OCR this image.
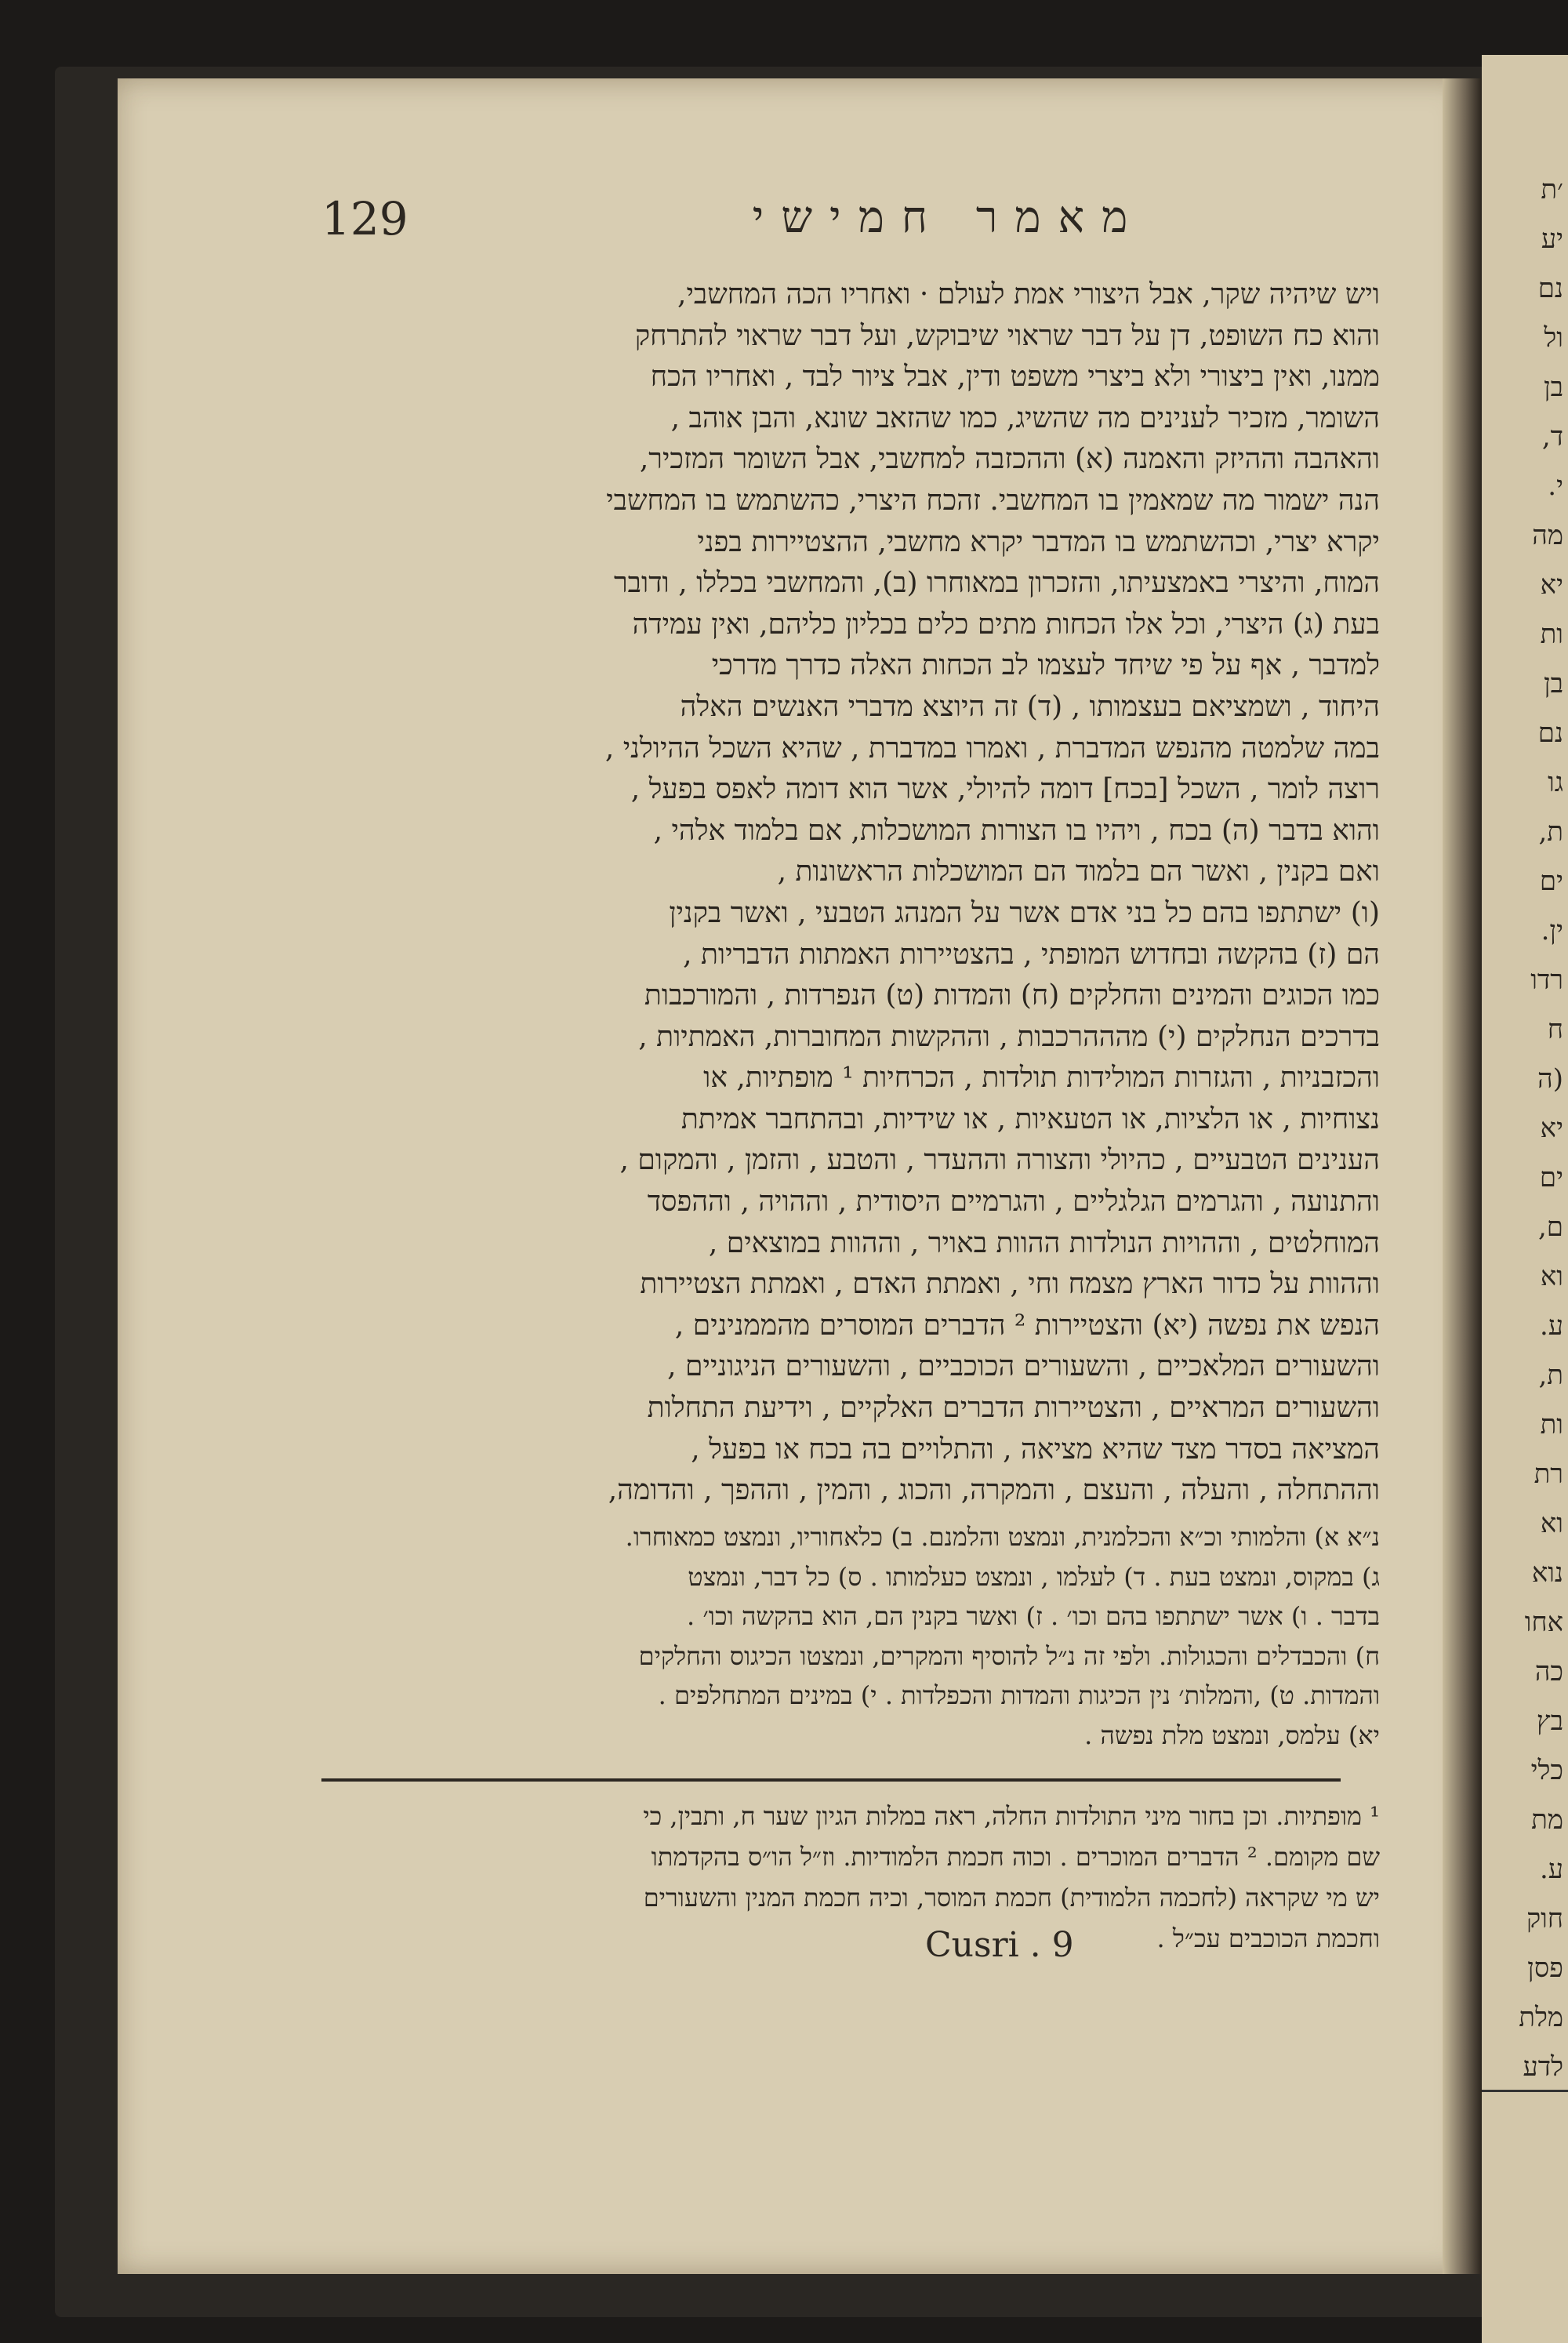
׳ת
יע
נם
ול
בן
ד,
י.
מה
יא
ות
בן
נם
גו
ת,
ים
ין.
רדו
ח
(ה
יא
ים
ם,
וא
ע.
ת,
ות
רת
וא
נוא
אחו
כה
בץ
כלי
מת
ע.
חוק
פסן
מלת
לדע
129	מאמר חמישי
ויש שיהיה שקר, אבל היצורי אמת לעולם · ואחריו הכה המחשבי,
והוא כח השופט, דן על דבר שראוי שיבוקש, ועל דבר שראוי להתרחק
ממנו, ואין ביצורי ולא ביצרי משפט ודין, אבל ציור לבד , ואחריו הכח
השומר, מזכיר לענינים מה שהשיג, כמו שהזאב שונא, והבן אוהב ,
והאהבה וההיזק והאמנה (א) וההכזבה למחשבי, אבל השומר המזכיר,
הנה ישמור מה שמאמין בו המחשבי. זהכח היצרי, כהשתמש בו המחשבי
יקרא יצרי, וכהשתמש בו המדבר יקרא מחשבי, ההצטיירות בפני
המוח, והיצרי באמצעיתו, והזכרון במאוחרו (ב), והמחשבי בכללו , ודובר
בעת (ג) היצרי, וכל אלו הכחות מתים כלים בכליון כליהם, ואין עמידה
למדבר , אף על פי שיחד לעצמו לב הכחות האלה כדרך מדרכי
היחוד , ושמציאם בעצמותו , (ד) זה היוצא מדברי האנשים האלה
במה שלמטה מהנפש המדברת , ואמרו במדברת , שהיא השכל ההיולני ,
רוצה לומר , השכל [בכח] דומה להיולי, אשר הוא דומה לאפס בפעל ,
והוא בדבר (ה) בכח , ויהיו בו הצורות המושכלות, אם בלמוד אלהי ,
ואם בקנין , ואשר הם בלמוד הם המושכלות הראשונות ,
(ו) ישתתפו בהם כל בני אדם אשר על המנהג הטבעי , ואשר בקנין
הם (ז) בהקשה ובחדוש המופתי , בהצטיירות האמתות הדבריות ,
כמו הכוגים והמינים והחלקים (ח) והמדות (ט) הנפרדות , והמורכבות
בדרכים הנחלקים (י) מהההרכבות , וההקשות המחוברות, האמתיות ,
והכזבניות , והגזרות המולידות תולדות , הכרחיות ¹ מופתיות, או
נצוחיות , או הלציות, או הטעאיות , או שידיות, ובהתחבר אמיתת
הענינים הטבעיים , כהיולי והצורה וההעדר , והטבע , והזמן , והמקום ,
והתנועה , והגרמים הגלגליים , והגרמיים היסודית , וההויה , וההפסד
המוחלטים , וההויות הנולדות ההוות באויר , וההוות במוצאים ,
וההוות על כדור הארץ מצמח וחי , ואמתת האדם , ואמתת הצטיירות
הנפש את נפשה (יא) והצטיירות ² הדברים המוסרים מהממנינים ,
והשעורים המלאכיים , והשעורים הכוכביים , והשעורים הניגוניים ,
והשעורים המראיים , והצטיירות הדברים האלקיים , וידיעת התחלות
המציאה בסדר מצד שהיא מציאה , והתלויים בה בכח או בפעל ,
וההתחלה , והעלה , והעצם , והמקרה, והכוג , והמין , וההפך , והדומה,
נ״א א) והלמותי וכ״א והכלמנית, ונמצט והלמנם. ב) כלאחוריו, ונמצט כמאוחרו.
ג) במקוס, ונמצט בעת . ד) לעלמו , ונמצט כעלמותו . ס) כל דבר, ונמצט
בדבר . ו) אשר ישתתפו בהם וכו׳ . ז) ואשר בקנין הם, הוא בהקשה וכו׳ .
ח) והכבדלים והכגולות. ולפי זה נ״ל להוסיף והמקרים, ונמצטו הכיגוס והחלקים
והמדות. ט) ,והמלות׳ נין הכיגות והמדות והכפלדות . י) במינים המתחלפים .
יא) עלמס, ונמצט מלת נפשה .
¹ מופתיות. וכן בחור מיני התולדות החלה, ראה במלות הגיון שער ח, ותבין, כי
שם מקומם. ² הדברים המוכרים . וכוה חכמת הלמודיות. וז״ל הו״ס בהקדמתו
יש מי שקראה (לחכמה הלמודית) חכמת המוסר, וכיה חכמת המנין והשעורים
וחכמת הכוכבים עכ״ל .
Cusri . 9
